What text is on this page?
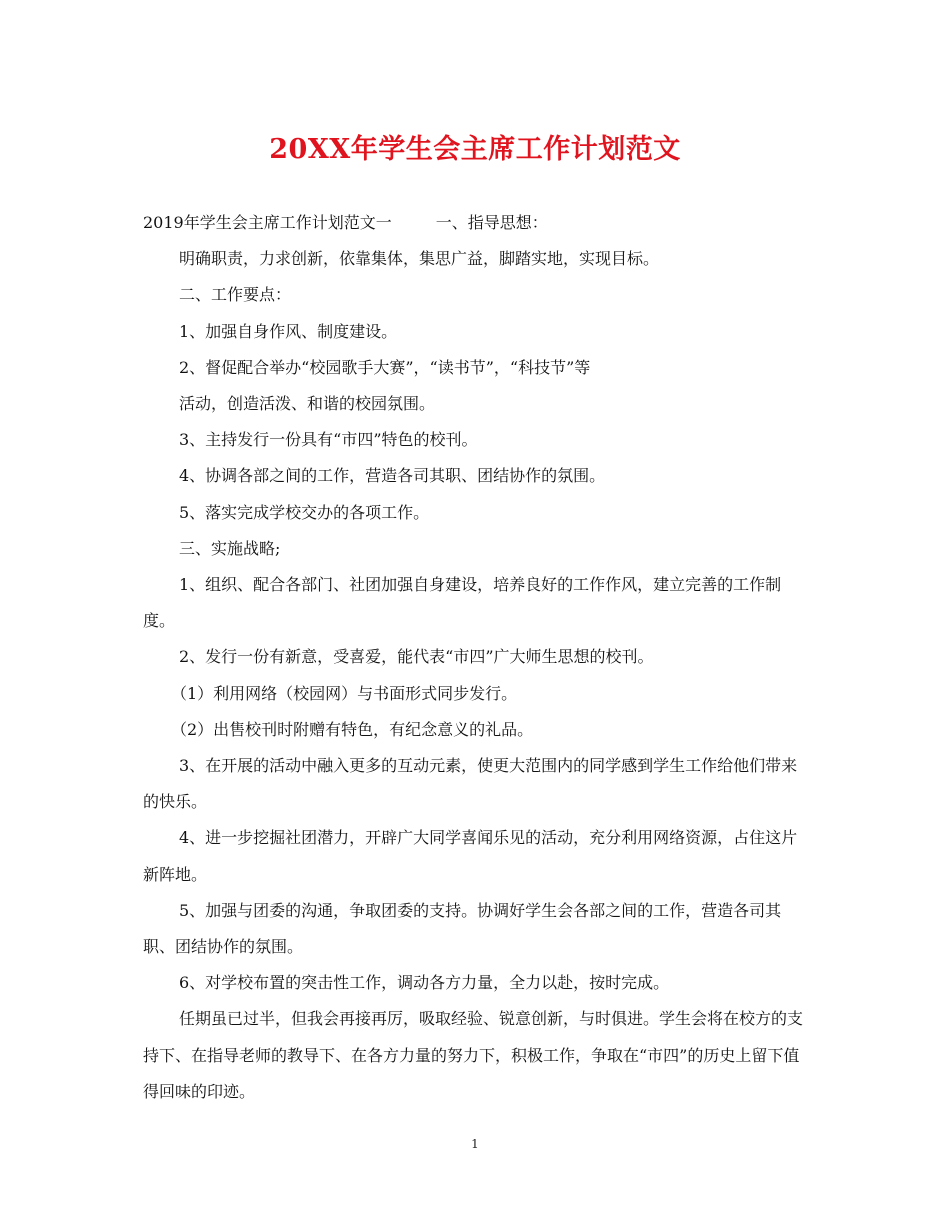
20XX年学生会主席工作计划范文

2019年学生会主席工作计划范文一	一、指导思想：

明确职责，力求创新，依靠集体，集思广益，脚踏实地，实现目标。

二、工作要点：

1、加强自身作风、制度建设。

2、督促配合举办“校园歌手大赛”，“读书节”，“科技节”等

活动，创造活泼、和谐的校园氛围。

3、主持发行一份具有“市四”特色的校刊。

4、协调各部之间的工作，营造各司其职、团结协作的氛围。

5、落实完成学校交办的各项工作。

三、实施战略;

1、组织、配合各部门、社团加强自身建设，培养良好的工作作风，建立完善的工作制度。

2、发行一份有新意，受喜爱，能代表“市四”广大师生思想的校刊。

（1）利用网络（校园网）与书面形式同步发行。

（2）出售校刊时附赠有特色，有纪念意义的礼品。

3、在开展的活动中融入更多的互动元素，使更大范围内的同学感到学生工作给他们带来的快乐。

4、进一步挖掘社团潜力，开辟广大同学喜闻乐见的活动，充分利用网络资源，占住这片新阵地。

5、加强与团委的沟通，争取团委的支持。协调好学生会各部之间的工作，营造各司其职、团结协作的氛围。

6、对学校布置的突击性工作，调动各方力量，全力以赴，按时完成。

任期虽已过半，但我会再接再厉，吸取经验、锐意创新，与时俱进。学生会将在校方的支持下、在指导老师的教导下、在各方力量的努力下，积极工作，争取在“市四”的历史上留下值得回味的印迹。

1
